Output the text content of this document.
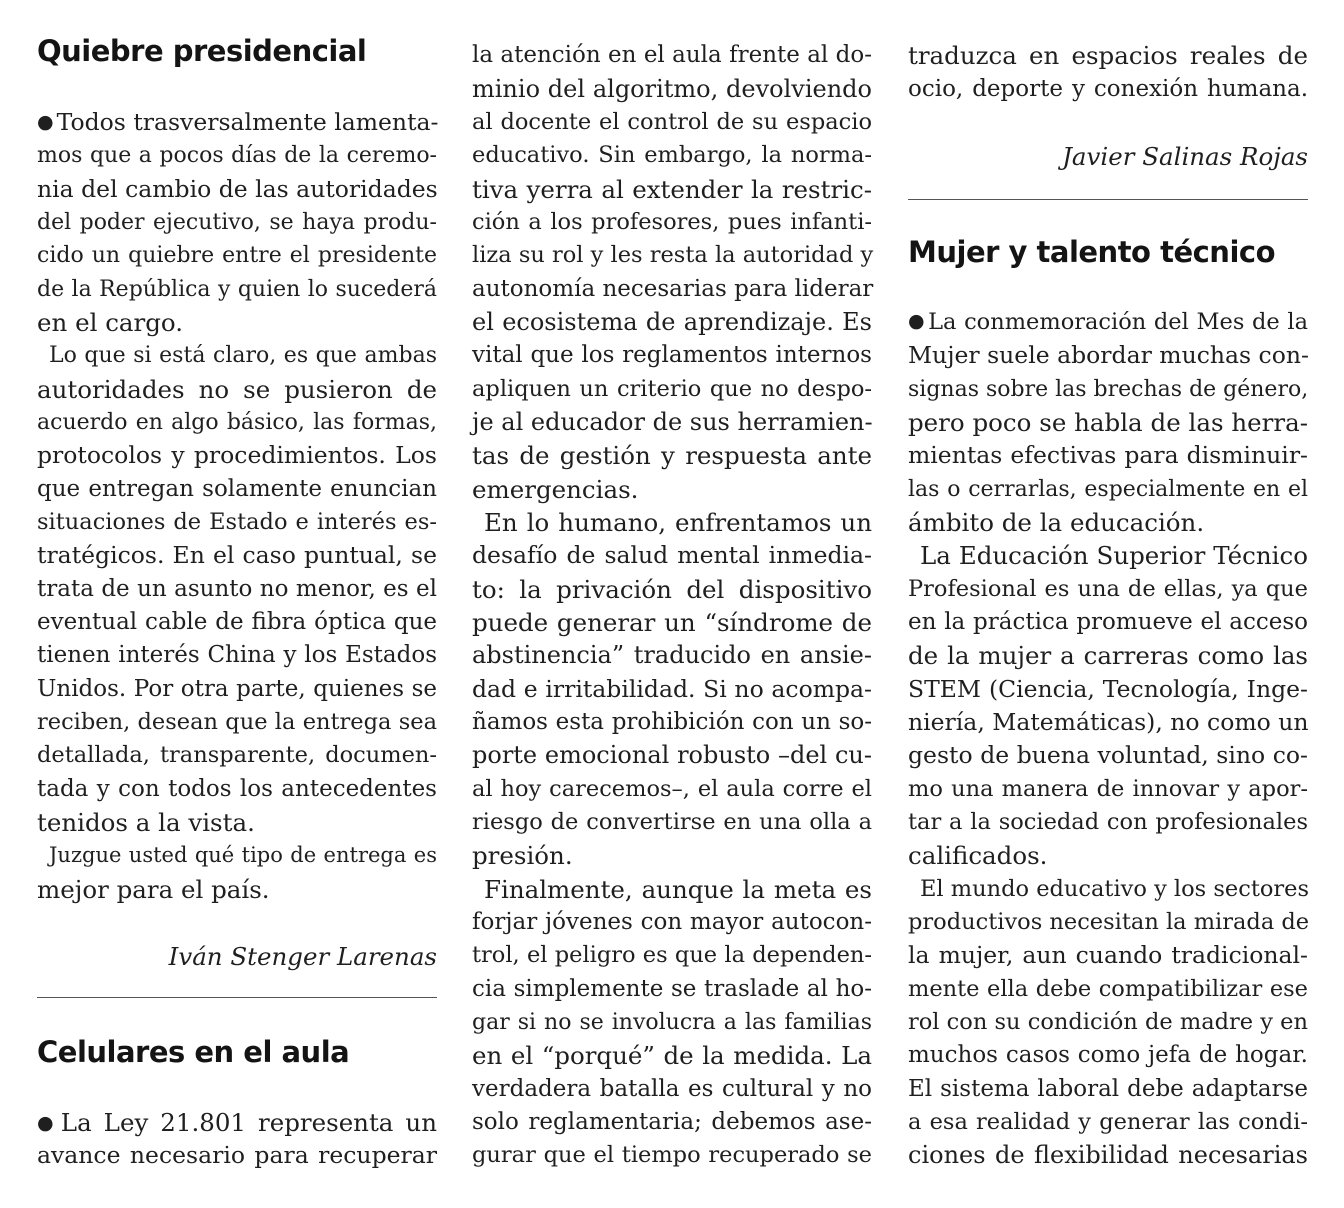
Quiebre presidencial
● Todos trasversalmente lamenta-
mos que a pocos días de la ceremo-
nia del cambio de las autoridades
del poder ejecutivo, se haya produ-
cido un quiebre entre el presidente
de la República y quien lo sucederá
en el cargo.
Lo que si está claro, es que ambas
autoridades no se pusieron de
acuerdo en algo básico, las formas,
protocolos y procedimientos. Los
que entregan solamente enuncian
situaciones de Estado e interés es-
tratégicos. En el caso puntual, se
trata de un asunto no menor, es el
eventual cable de fibra óptica que
tienen interés China y los Estados
Unidos. Por otra parte, quienes se
reciben, desean que la entrega sea
detallada, transparente, documen-
tada y con todos los antecedentes
tenidos a la vista.
Juzgue usted qué tipo de entrega es
mejor para el país.
Iván Stenger Larenas
Celulares en el aula
● La Ley 21.801 representa un
avance necesario para recuperar
la atención en el aula frente al do-
minio del algoritmo, devolviendo
al docente el control de su espacio
educativo. Sin embargo, la norma-
tiva yerra al extender la restric-
ción a los profesores, pues infanti-
liza su rol y les resta la autoridad y
autonomía necesarias para liderar
el ecosistema de aprendizaje. Es
vital que los reglamentos internos
apliquen un criterio que no despo-
je al educador de sus herramien-
tas de gestión y respuesta ante
emergencias.
En lo humano, enfrentamos un
desafío de salud mental inmedia-
to: la privación del dispositivo
puede generar un “síndrome de
abstinencia” traducido en ansie-
dad e irritabilidad. Si no acompa-
ñamos esta prohibición con un so-
porte emocional robusto –del cu-
al hoy carecemos–, el aula corre el
riesgo de convertirse en una olla a
presión.
Finalmente, aunque la meta es
forjar jóvenes con mayor autocon-
trol, el peligro es que la dependen-
cia simplemente se traslade al ho-
gar si no se involucra a las familias
en el “porqué” de la medida. La
verdadera batalla es cultural y no
solo reglamentaria; debemos ase-
gurar que el tiempo recuperado se
traduzca en espacios reales de
ocio, deporte y conexión humana.
Javier Salinas Rojas
Mujer y talento técnico
● La conmemoración del Mes de la
Mujer suele abordar muchas con-
signas sobre las brechas de género,
pero poco se habla de las herra-
mientas efectivas para disminuir-
las o cerrarlas, especialmente en el
ámbito de la educación.
La Educación Superior Técnico
Profesional es una de ellas, ya que
en la práctica promueve el acceso
de la mujer a carreras como las
STEM (Ciencia, Tecnología, Inge-
niería, Matemáticas), no como un
gesto de buena voluntad, sino co-
mo una manera de innovar y apor-
tar a la sociedad con profesionales
calificados.
El mundo educativo y los sectores
productivos necesitan la mirada de
la mujer, aun cuando tradicional-
mente ella debe compatibilizar ese
rol con su condición de madre y en
muchos casos como jefa de hogar.
El sistema laboral debe adaptarse
a esa realidad y generar las condi-
ciones de flexibilidad necesarias
